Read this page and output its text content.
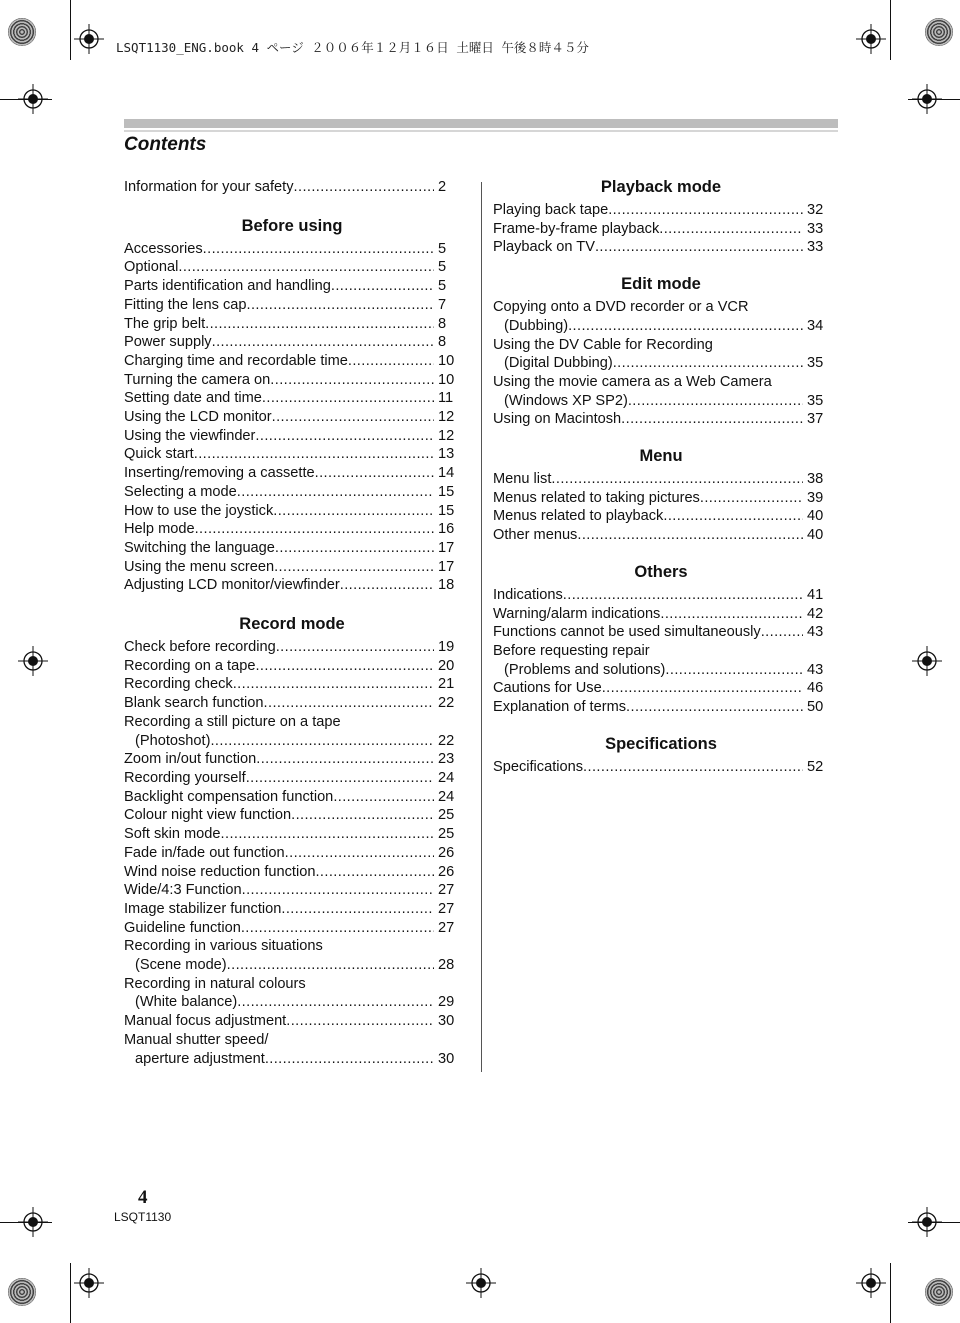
LSQT1130_ENG.book 4 ページ ２００６年１２月１６日 土曜日 午後８時４５分
Contents
Information for your safety .....	2
Before using
Accessories .....	5
Optional .....	5
Parts identification and handling .....	5
Fitting the lens cap .....	7
The grip belt .....	8
Power supply .....	8
Charging time and recordable time .....	10
Turning the camera on .....	10
Setting date and time .....	11
Using the LCD monitor .....	12
Using the viewfinder .....	12
Quick start .....	13
Inserting/removing a cassette .....	14
Selecting a mode .....	15
How to use the joystick .....	15
Help mode .....	16
Switching the language .....	17
Using the menu screen .....	17
Adjusting LCD monitor/viewfinder .....	18
Record mode
Check before recording .....	19
Recording on a tape .....	20
Recording check .....	21
Blank search function .....	22
Recording a still picture on a tape
(Photoshot) .....	22
Zoom in/out function .....	23
Recording yourself .....	24
Backlight compensation function .....	24
Colour night view function .....	25
Soft skin mode .....	25
Fade in/fade out function .....	26
Wind noise reduction function .....	26
Wide/4:3 Function .....	27
Image stabilizer function .....	27
Guideline function .....	27
Recording in various situations
(Scene mode) .....	28
Recording in natural colours
(White balance) .....	29
Manual focus adjustment .....	30
Manual shutter speed/
aperture adjustment .....	30
Playback mode
Playing back tape .....	32
Frame-by-frame playback .....	33
Playback on TV .....	33
Edit mode
Copying onto a DVD recorder or a VCR
(Dubbing) .....	34
Using the DV Cable for Recording
(Digital Dubbing) .....	35
Using the movie camera as a Web Camera
(Windows XP SP2) .....	35
Using on Macintosh .....	37
Menu
Menu list .....	38
Menus related to taking pictures .....	39
Menus related to playback .....	40
Other menus .....	40
Others
Indications .....	41
Warning/alarm indications .....	42
Functions cannot be used simultaneously .....	43
Before requesting repair
(Problems and solutions) .....	43
Cautions for Use .....	46
Explanation of terms .....	50
Specifications
Specifications .....	52
4
LSQT1130
